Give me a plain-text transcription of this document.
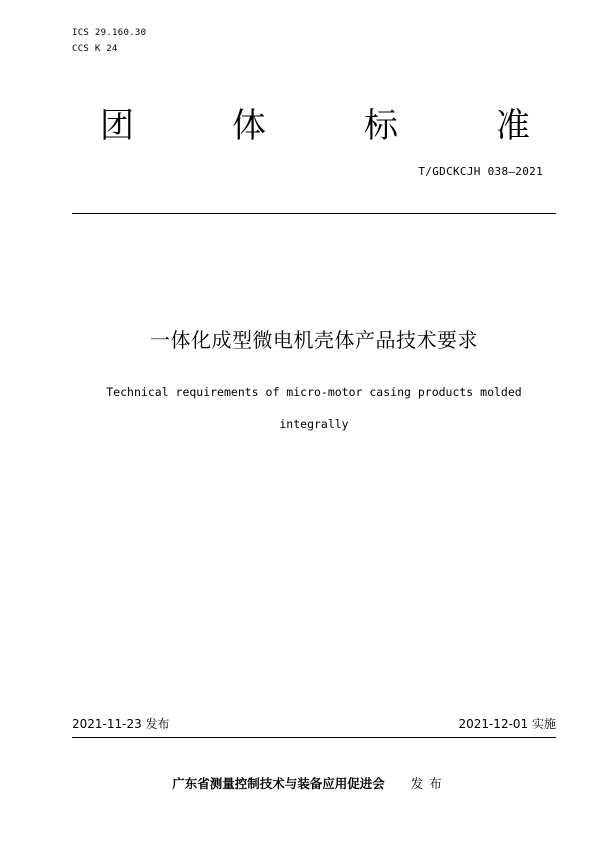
ICS 29.160.30
CCS K 24
团	体	标	准
T/GDCKCJH 038—2021
一体化成型微电机壳体产品技术要求
Technical requirements of micro-motor casing products molded
integrally
2021-11-23 发布	2021-12-01 实施
广东省测量控制技术与装备应用促进会 发布
